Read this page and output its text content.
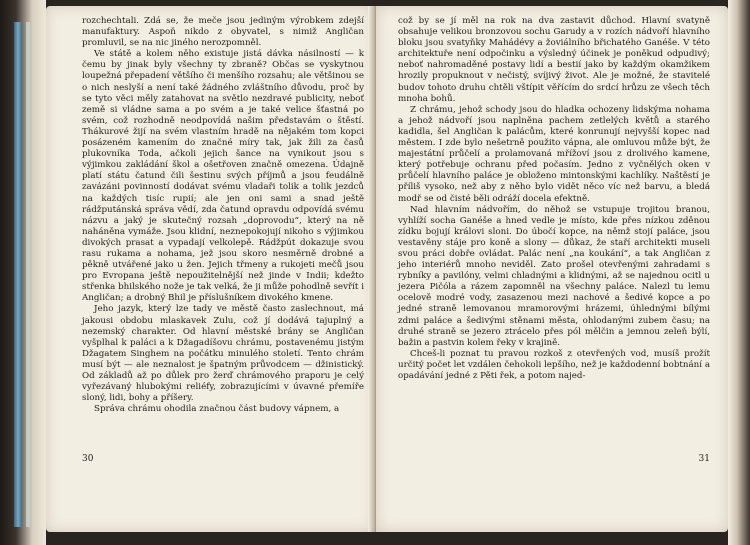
rozchechtali. Zdá se, že meče jsou jediným výrobkem zdejší manufaktury. Aspoň nikdo z obyvatel, s nimiž Angličan promluvil, se na nic jiného nerozpomněl.

Ve státě a kolem něho existuje jistá dávka násilností — k čemu by jinak byly všechny ty zbraně? Občas se vyskytnou loupežná přepadení většího či menšího rozsahu; ale většinou se o nich neslyší a není také žádného zvláštního důvodu, proč by se tyto věci měly zatahovat na světlo nezdravé publicity, neboť země si vládne sama a po svém a je také velice šťastná po svém, což rozhodně neodpovídá našim představám o štěstí. Thákurové žijí na svém vlastním hradě na nějakém tom kopci posázeném kamením do značné míry tak, jak žili za časů plukovníka Toda, ačkoli jejich šance na vynikout jsou s výjimkou zakládání škol a ošetřoven značně omezena. Údajně platí státu čatund čili šestinu svých příjmů a jsou feudálně zavázáni povinností dodávat svému vladaři tolik a tolik jezdců na každých tisíc rupií; ale jen oni sami a snad ještě rádžputánská správa vědí, zda čatund opravdu odpovídá svému názvu a jaký je skutečný rozsah „doprovodu“, který na ně naháněna vymáže. Jsou klidní, neznepokojují nikoho s výjimkou divokých prasat a vypadají velkolepě. Rádžpút dokazuje svou rasu rukama a nohama, jež jsou skoro nesměrně drobné a pěkně utvářené jako u žen. Jejich třmeny a rukojeti mečů jsou pro Evropana ještě nepoužitelnější než jinde v Indii; kdežto střenka bhilského nože je tak velká, že ji může pohodlně sevřít i Angličan; a drobný Bhil je příslušníkem divokého kmene.

Jeho jazyk, který lze tady ve městě často zaslechnout, má jakousi obdobu mlaskavek Zulu, což jí dodává tajuplný a nezemský charakter. Od hlavní městské brány se Angličan vyšplhal k paláci a k Džagadíšovu chrámu, postavenému jistým Džagatem Singhem na počátku minulého století. Tento chrám musí být — ale neznalost je špatným průvodcem — džinistický. Od základů až po důlek pro žerď chrámového praporu je celý vyřezávaný hlubokými reliéfy, zobrazujícími v úvavné přemíře sloný, lidi, bohy a příšery.

Správa chrámu ohodila značnou část budovy vápnem, a

30

což by se jí měl na rok na dva zastavit důchod. Hlavní svatyně obsahuje velikou bronzovou sochu Garudy a v rozích nádvoří hlavního bloku jsou svatyňky Mahádévy a žoviálního břichatého Ganéše. V této architektuře není odpočinku a výsledný účinek je poněkud odpudivý; neboť nahromaděné postavy lidí a bestií jako by každým okamžikem hrozily propuknout v nečistý, svíjivý život. Ale je možné, že stavitelé budov tohoto druhu chtěli vštípit věřícím do srdcí hrůzu ze všech těch mnoha bohů.

Z chrámu, jehož schody jsou do hladka ochozeny lidskýma nohama a jehož nádvoří jsou naplněna pachem zetlelých květů a starého kadidla, šel Angličan k palácům, které konrunují nejvyšší kopec nad městem. I zde bylo nešetrně použito vápna, ale omluvou může být, že majestátní průčelí a prolamovaná mřížoví jsou z drolivého kamene, který potřebuje ochranu před počasím. Jedno z vyčnělých oken v průčelí hlavního paláce je obloženo mintonskými kachlíky. Naštěstí je příliš vysoko, než aby z něho bylo vidět něco víc než barvu, a bledá modř se od čisté běli odráží docela efektně.

Nad hlavním nádvořím, do něhož se vstupuje trojitou branou, vyhlíží socha Ganéše a hned vedle je místo, kde přes nízkou zděnou zídku bojují královi sloni. Do úbočí kopce, na němž stojí paláce, jsou vestavěny stáje pro koně a slony — důkaz, že staří architekti museli svou práci dobře ovládat. Palác není „na koukání“, a tak Angličan z jeho interiérů mnoho neviděl. Zato prošel otevřenými zahradami s rybníky a pavilóny, velmi chladnými a klidnými, až se najednou ocitl u jezera Pičóla a rázem zapomněl na všechny paláce. Nalezl tu lemu ocelově modré vody, zasazenou mezi nachové a šedivé kopce a po jedné straně lemovanou mramorovými hrázemi, úhlednými bílými zdmi paláce a šedivými stěnami města, ohlodanými zubem času; na druhé straně se jezero ztrácelo přes pól mělčin a jemnou zeleň býlí, bažin a pastvin kolem řeky v krajině.

Chceš-li poznat tu pravou rozkoš z otevřených vod, musíš prožít určitý počet let vzdálen čehokoli lepšího, než je každodenní bobtnání a opadávání jedné z Pěti řek, a potom najed-

31
